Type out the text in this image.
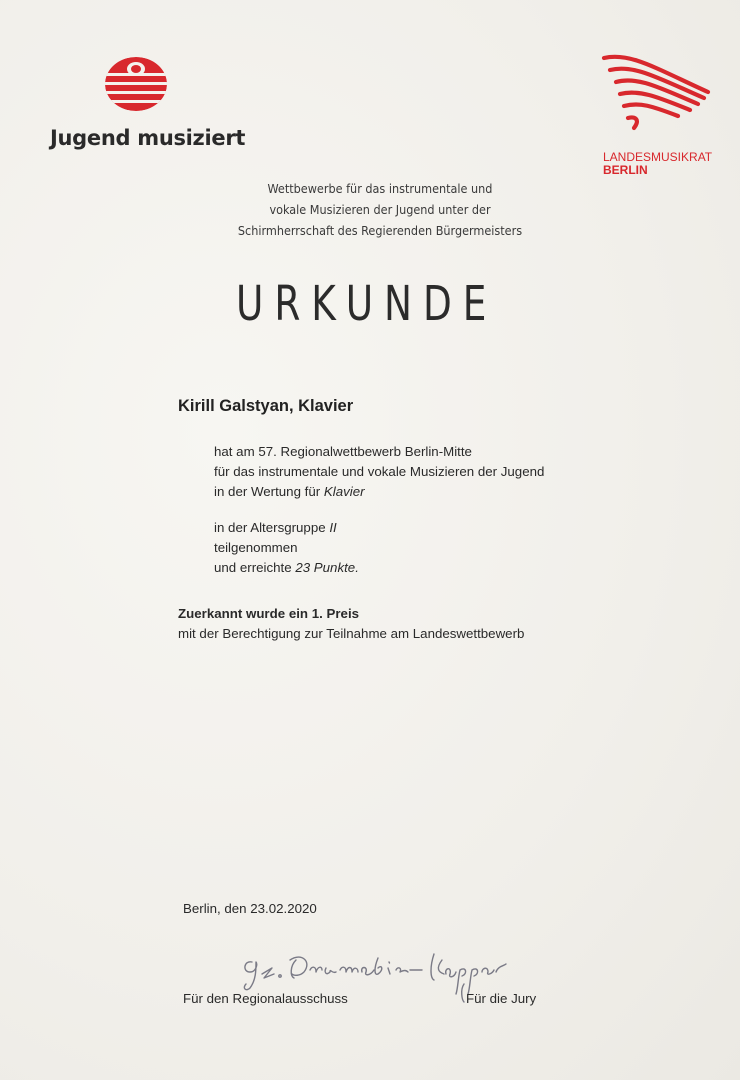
Jugend musiziert
LANDESMUSIKRAT
BERLIN
Wettbewerbe für das instrumentale und
vokale Musizieren der Jugend unter der
Schirmherrschaft des Regierenden Bürgermeisters
URKUNDE
Kirill Galstyan, Klavier
hat am 57. Regionalwettbewerb Berlin-Mitte
für das instrumentale und vokale Musizieren der Jugend
in der Wertung für Klavier
in der Altersgruppe II
teilgenommen
und erreichte 23 Punkte.
Zuerkannt wurde ein 1. Preis
mit der Berechtigung zur Teilnahme am Landeswettbewerb
Berlin, den 23.02.2020
Für den Regionalausschuss	Für die Jury
